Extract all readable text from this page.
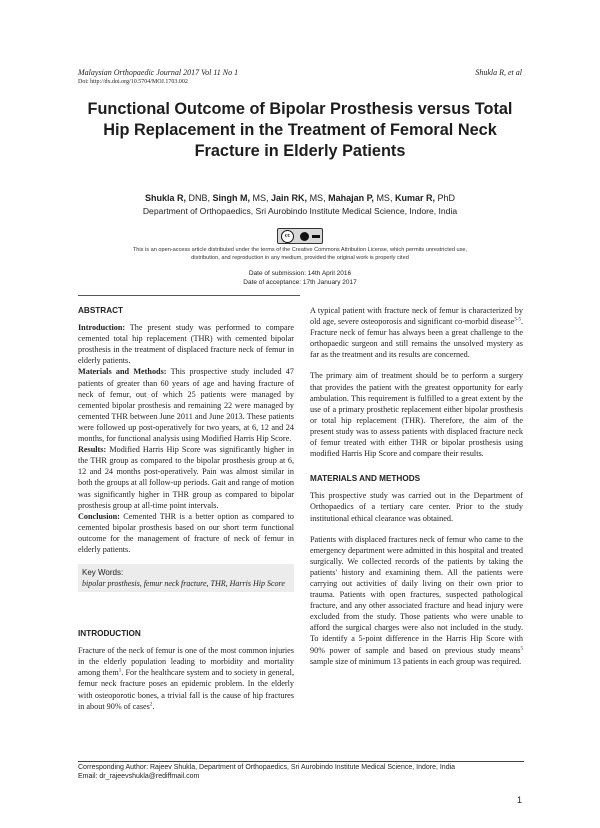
Malaysian Orthopaedic Journal 2017 Vol 11 No 1
Doi: http://dx.doi.org/10.5704/MOJ.1703.002
Shukla R, et al
Functional Outcome of Bipolar Prosthesis versus Total
Hip Replacement in the Treatment of Femoral Neck
Fracture in Elderly Patients
Shukla R, DNB, Singh M, MS, Jain RK, MS, Mahajan P, MS, Kumar R, PhD
Department of Orthopaedics, Sri Aurobindo Institute Medical Science, Indore, India
cc
This is an open-access article distributed under the terms of the Creative Commons Attribution License, which permits unrestricted use,
distribution, and reproduction in any medium, provided the original work is properly cited
Date of submission: 14th April 2016
Date of acceptance: 17th January 2017
ABSTRACT

Introduction: The present study was performed to compare cemented total hip replacement (THR) with cemented bipolar prosthesis in the treatment of displaced fracture neck of femur in elderly patients.

Materials and Methods: This prospective study included 47 patients of greater than 60 years of age and having fracture of neck of femur, out of which 25 patients were managed by cemented bipolar prosthesis and remaining 22 were managed by cemented THR between June 2011 and June 2013. These patients were followed up post-operatively for two years, at 6, 12 and 24 months, for functional analysis using Modified Harris Hip Score.

Results: Modified Harris Hip Score was significantly higher in the THR group as compared to the bipolar prosthesis group at 6, 12 and 24 months post-operatively. Pain was almost similar in both the groups at all follow-up periods. Gait and range of motion was significantly higher in THR group as compared to bipolar prosthesis group at all-time point intervals.

Conclusion: Cemented THR is a better option as compared to cemented bipolar prosthesis based on our short term functional outcome for the management of fracture of neck of femur in elderly patients.

Key Words:
bipolar prosthesis, femur neck fracture, THR, Harris Hip Score
INTRODUCTION

Fracture of the neck of femur is one of the most common injuries in the elderly population leading to morbidity and mortality among them$^1$. For the healthcare system and to society in general, femur neck fracture poses an epidemic problem. In the elderly with osteoporotic bones, a trivial fall is the cause of hip fractures in about 90% of cases$^2$.

A typical patient with fracture neck of femur is characterized by old age, severe osteoporosis and significant co-morbid disease$^{3-5}$. Fracture neck of femur has always been a great challenge to the orthopaedic surgeon and still remains the unsolved mystery as far as the treatment and its results are concerned.

The primary aim of treatment should be to perform a surgery that provides the patient with the greatest opportunity for early ambulation. This requirement is fulfilled to a great extent by the use of a primary prosthetic replacement either bipolar prosthesis or total hip replacement (THR). Therefore, the aim of the present study was to assess patients with displaced fracture neck of femur treated with either THR or bipolar prosthesis using modified Harris Hip Score and compare their results.

MATERIALS AND METHODS

This prospective study was carried out in the Department of Orthopaedics of a tertiary care center. Prior to the study institutional ethical clearance was obtained.

Patients with displaced fractures neck of femur who came to the emergency department were admitted in this hospital and treated surgically. We collected records of the patients by taking the patients' history and examining them. All the patients were carrying out activities of daily living on their own prior to trauma. Patients with open fractures, suspected pathological fracture, and any other associated fracture and head injury were excluded from the study. Those patients who were unable to afford the surgical charges were also not included in the study. To identify a 5-point difference in the Harris Hip Score with 90% power of sample and based on previous study means$^5$ sample size of minimum 13 patients in each group was required.

Corresponding Author: Rajeev Shukla, Department of Orthopaedics, Sri Aurobindo Institute Medical Science, Indore, India
Email: dr_rajeevshukla@rediffmail.com
1
